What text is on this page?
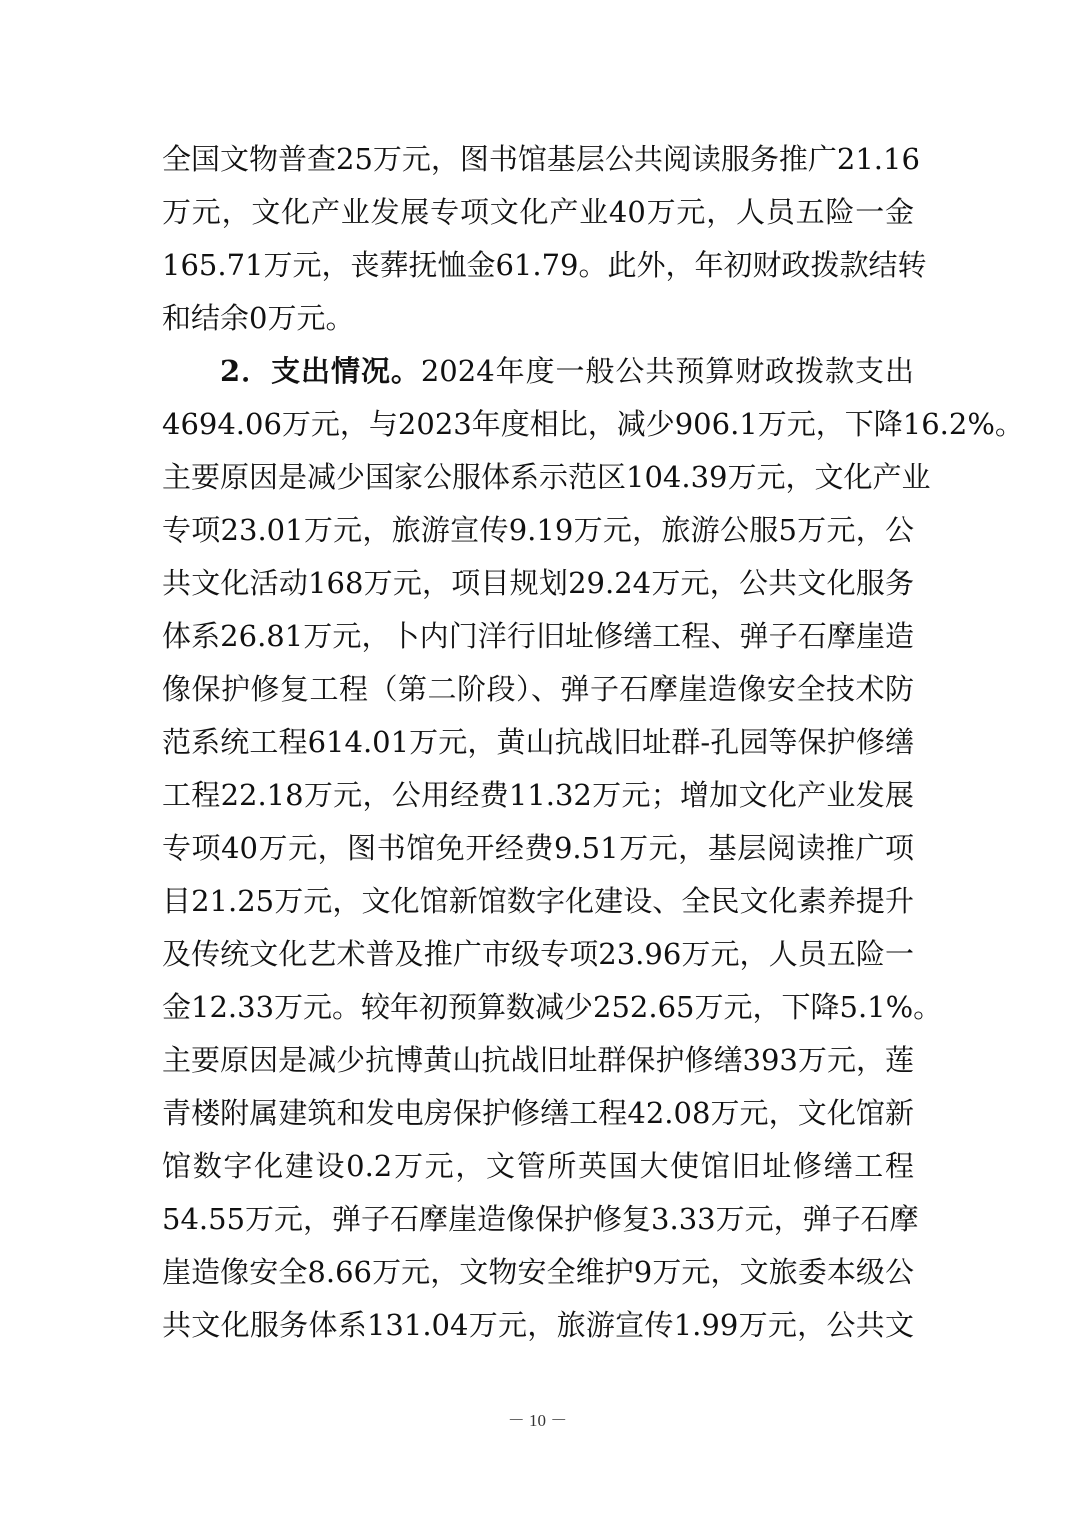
全国文物普查25万元，图书馆基层公共阅读服务推广21.16
万元，文化产业发展专项文化产业40万元，人员五险一金
165.71万元，丧葬抚恤金61.79。此外，年初财政拨款结转
和结余0万元。
2．支出情况。2024年度一般公共预算财政拨款支出
4694.06万元，与2023年度相比，减少906.1万元，下降16.2%。
主要原因是减少国家公服体系示范区104.39万元，文化产业
专项23.01万元，旅游宣传9.19万元，旅游公服5万元，公
共文化活动168万元，项目规划29.24万元，公共文化服务
体系26.81万元，卜内门洋行旧址修缮工程、弹子石摩崖造
像保护修复工程（第二阶段）、弹子石摩崖造像安全技术防
范系统工程614.01万元，黄山抗战旧址群-孔园等保护修缮
工程22.18万元，公用经费11.32万元；增加文化产业发展
专项40万元，图书馆免开经费9.51万元，基层阅读推广项
目21.25万元，文化馆新馆数字化建设、全民文化素养提升
及传统文化艺术普及推广市级专项23.96万元，人员五险一
金12.33万元。较年初预算数减少252.65万元，下降5.1%。
主要原因是减少抗博黄山抗战旧址群保护修缮393万元，莲
青楼附属建筑和发电房保护修缮工程42.08万元，文化馆新
馆数字化建设0.2万元，文管所英国大使馆旧址修缮工程
54.55万元，弹子石摩崖造像保护修复3.33万元，弹子石摩
崖造像安全8.66万元，文物安全维护9万元，文旅委本级公
共文化服务体系131.04万元，旅游宣传1.99万元，公共文
－ 10 －
